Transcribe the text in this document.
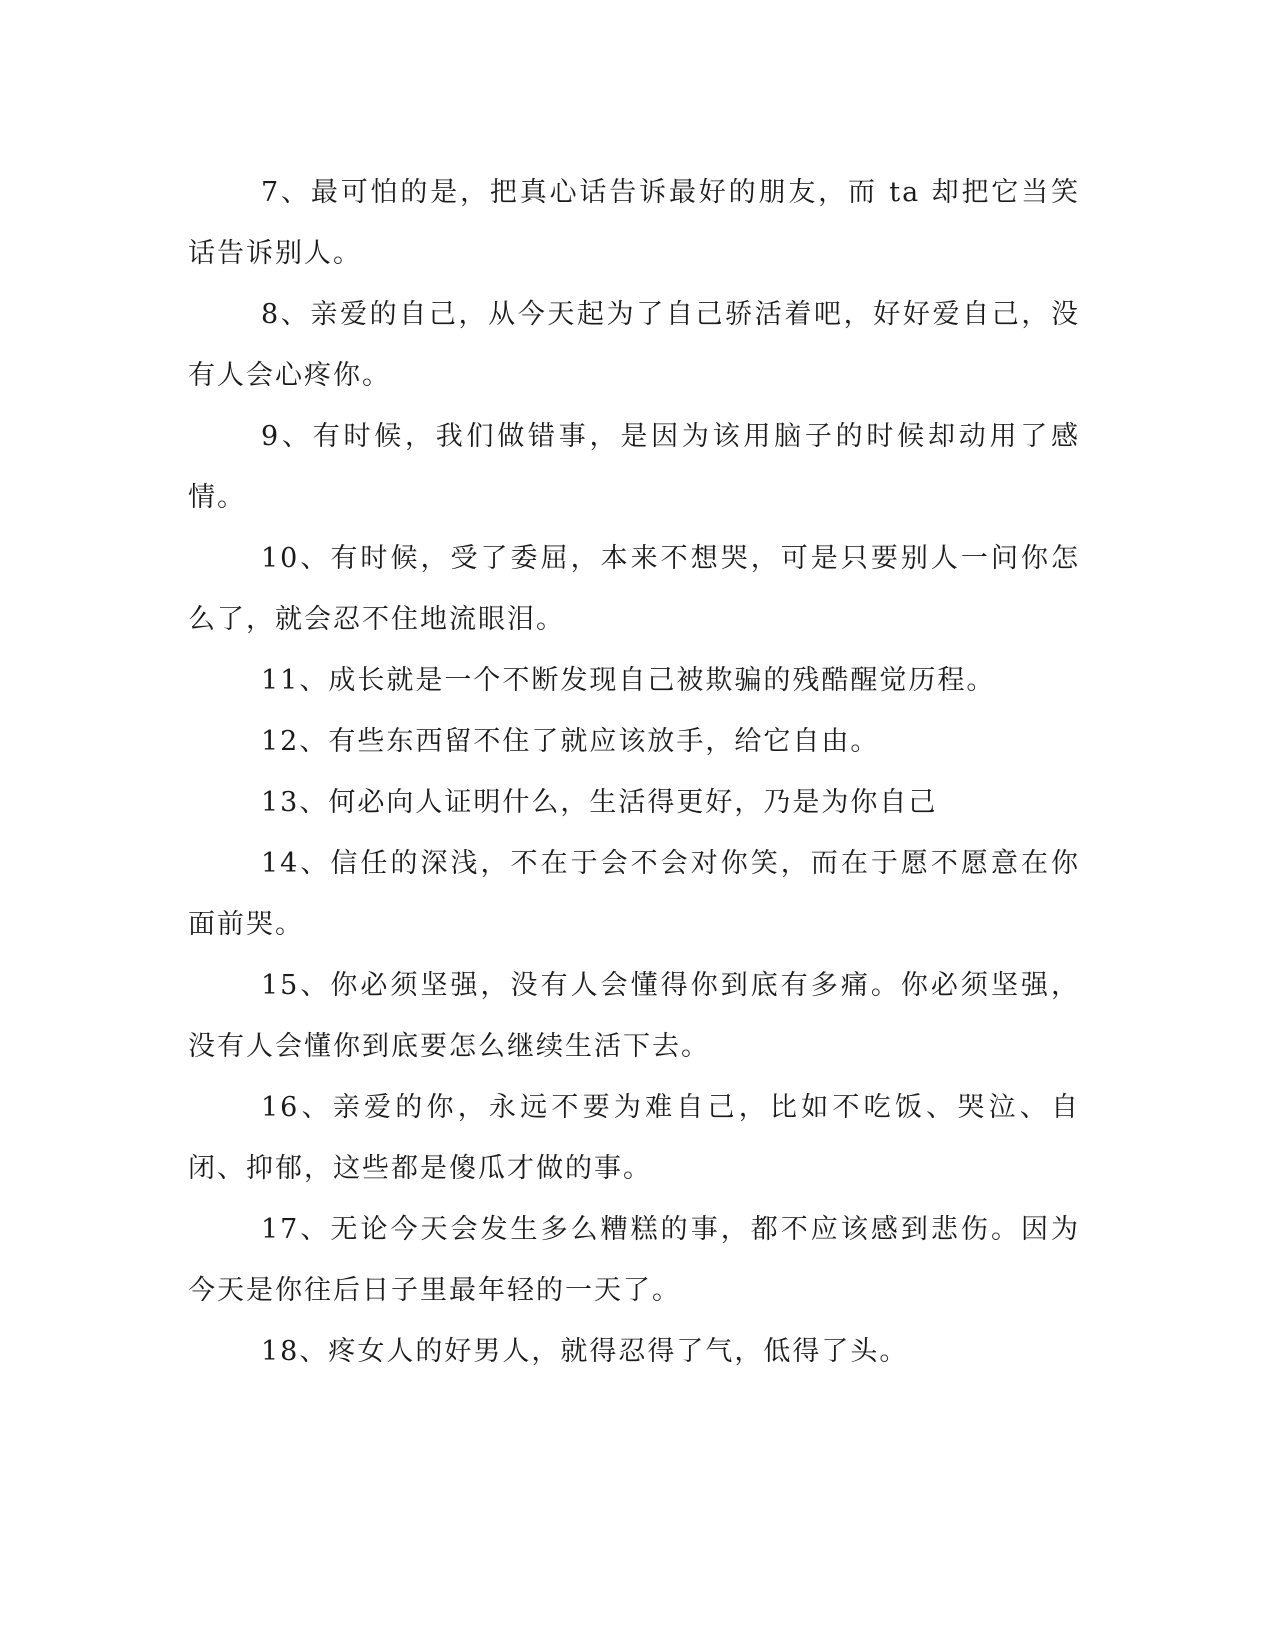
7、最可怕的是，把真心话告诉最好的朋友，而 ta 却把它当笑话告诉别人。

8、亲爱的自己，从今天起为了自己骄活着吧，好好爱自己，没有人会心疼你。

9、有时候，我们做错事，是因为该用脑子的时候却动用了感情。

10、有时候，受了委屈，本来不想哭，可是只要别人一问你怎么了，就会忍不住地流眼泪。

11、成长就是一个不断发现自己被欺骗的残酷醒觉历程。

12、有些东西留不住了就应该放手，给它自由。

13、何必向人证明什么，生活得更好，乃是为你自己

14、信任的深浅，不在于会不会对你笑，而在于愿不愿意在你面前哭。

15、你必须坚强，没有人会懂得你到底有多痛。你必须坚强，没有人会懂你到底要怎么继续生活下去。

16、亲爱的你，永远不要为难自己，比如不吃饭、哭泣、自闭、抑郁，这些都是傻瓜才做的事。

17、无论今天会发生多么糟糕的事，都不应该感到悲伤。因为今天是你往后日子里最年轻的一天了。

18、疼女人的好男人，就得忍得了气，低得了头。
